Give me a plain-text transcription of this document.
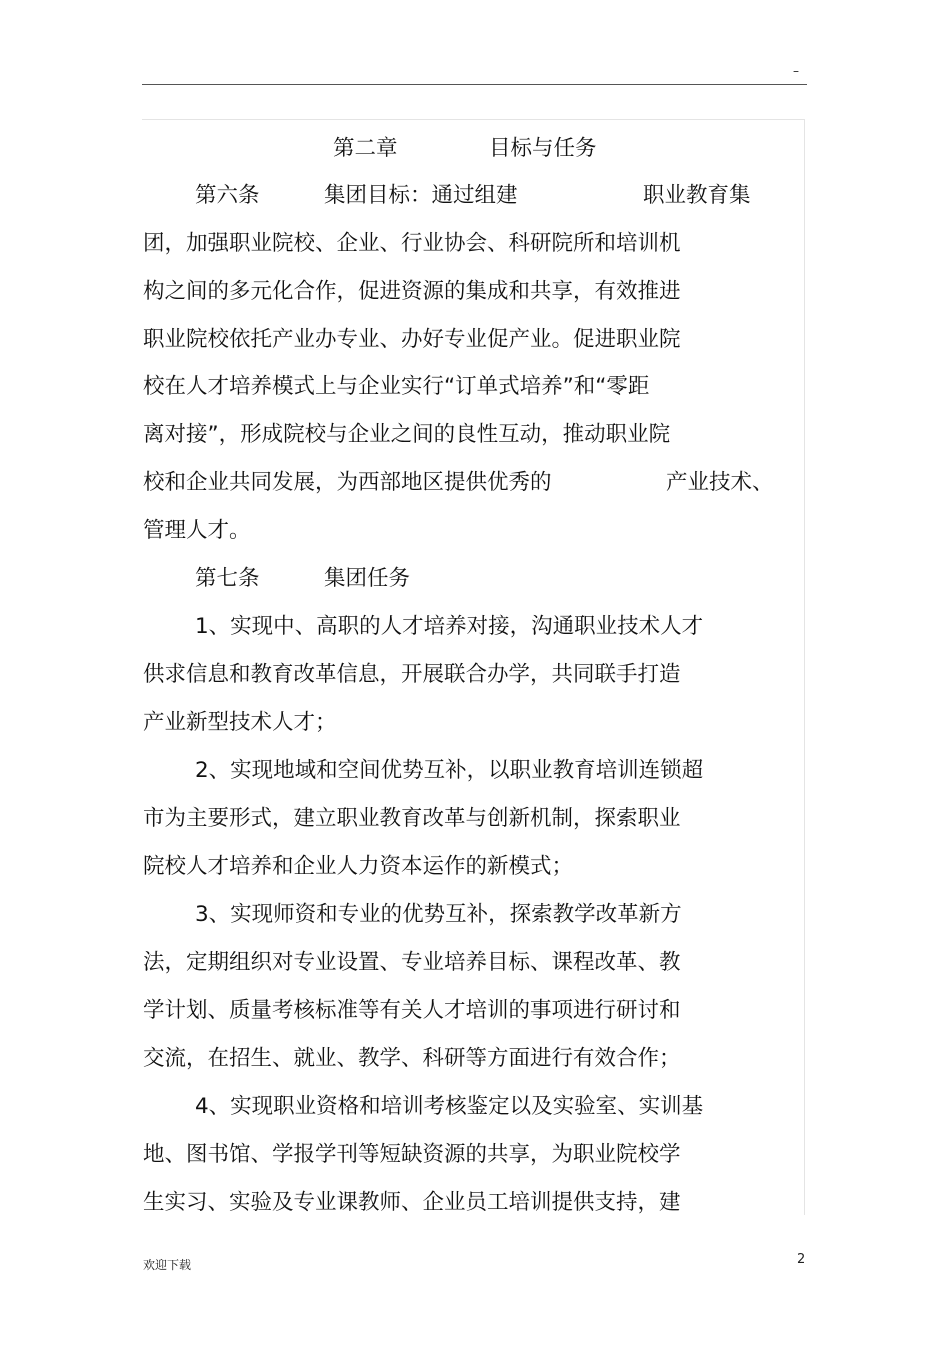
–
第二章	目标与任务
第六条	集团目标：通过组建	职业教育集
团，加强职业院校、企业、行业协会、科研院所和培训机
构之间的多元化合作，促进资源的集成和共享，有效推进
职业院校依托产业办专业、办好专业促产业。促进职业院
校在人才培养模式上与企业实行“订单式培养”和“零距
离对接”，形成院校与企业之间的良性互动，推动职业院
校和企业共同发展，为西部地区提供优秀的	产业技术、
管理人才。
第七条	集团任务
1、实现中、高职的人才培养对接，沟通职业技术人才
供求信息和教育改革信息，开展联合办学，共同联手打造
产业新型技术人才；
2、实现地域和空间优势互补，以职业教育培训连锁超
市为主要形式，建立职业教育改革与创新机制，探索职业
院校人才培养和企业人力资本运作的新模式；
3、实现师资和专业的优势互补，探索教学改革新方
法，定期组织对专业设置、专业培养目标、课程改革、教
学计划、质量考核标准等有关人才培训的事项进行研讨和
交流，在招生、就业、教学、科研等方面进行有效合作；
4、实现职业资格和培训考核鉴定以及实验室、实训基
地、图书馆、学报学刊等短缺资源的共享，为职业院校学
生实习、实验及专业课教师、企业员工培训提供支持，建
欢迎下载	2
